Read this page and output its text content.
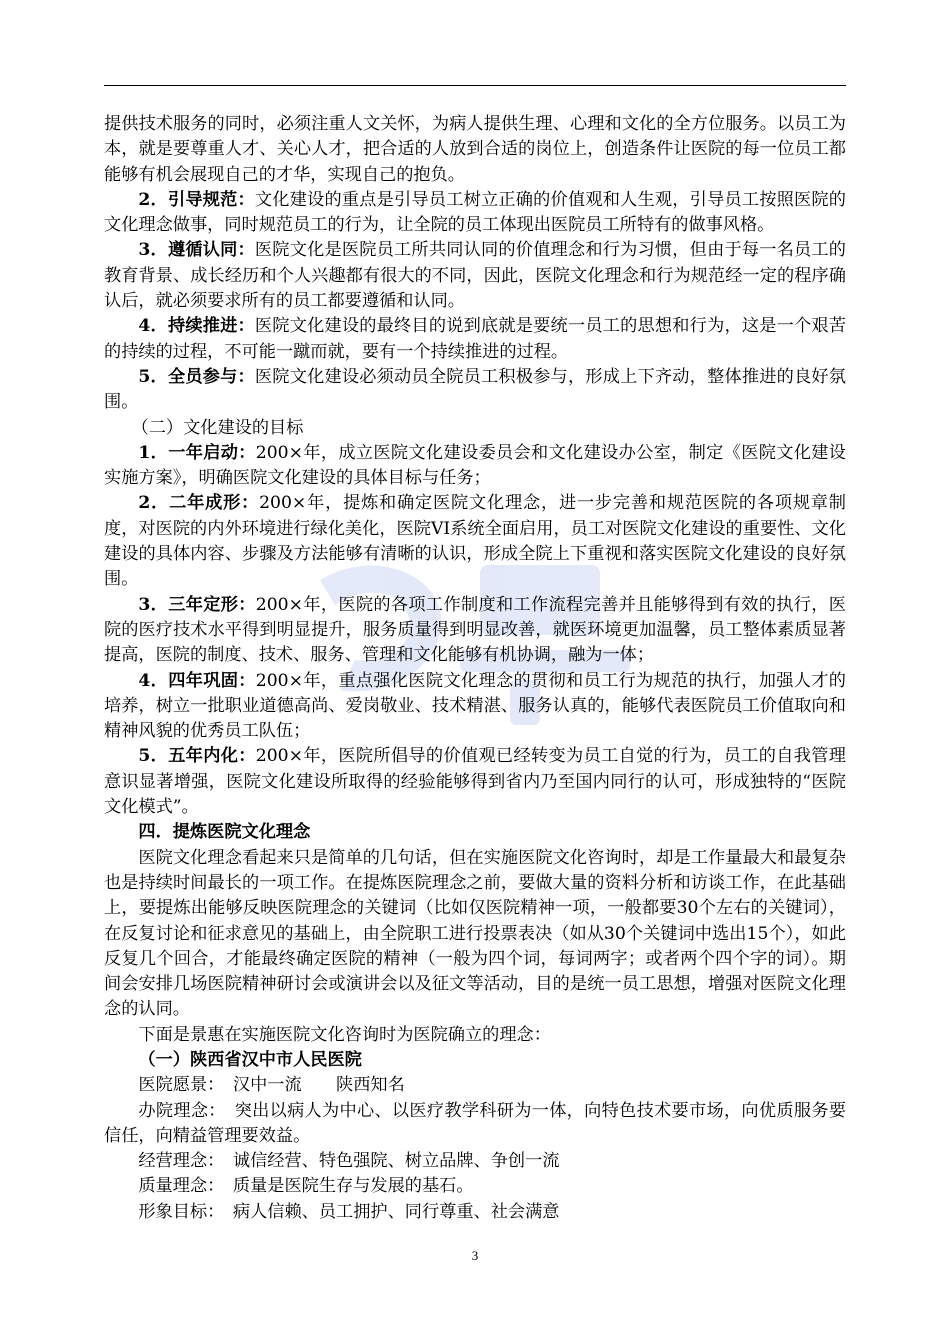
提供技术服务的同时，必须注重人文关怀，为病人提供生理、心理和文化的全方位服务。以员工为本，就是要尊重人才、关心人才，把合适的人放到合适的岗位上，创造条件让医院的每一位员工都能够有机会展现自己的才华，实现自己的抱负。

2．引导规范：文化建设的重点是引导员工树立正确的价值观和人生观，引导员工按照医院的文化理念做事，同时规范员工的行为，让全院的员工体现出医院员工所特有的做事风格。

3．遵循认同：医院文化是医院员工所共同认同的价值理念和行为习惯，但由于每一名员工的教育背景、成长经历和个人兴趣都有很大的不同，因此，医院文化理念和行为规范经一定的程序确认后，就必须要求所有的员工都要遵循和认同。

4．持续推进：医院文化建设的最终目的说到底就是要统一员工的思想和行为，这是一个艰苦的持续的过程，不可能一蹴而就，要有一个持续推进的过程。

5．全员参与：医院文化建设必须动员全院员工积极参与，形成上下齐动，整体推进的良好氛围。

（二）文化建设的目标

1．一年启动：200×年，成立医院文化建设委员会和文化建设办公室，制定《医院文化建设实施方案》，明确医院文化建设的具体目标与任务；

2．二年成形：200×年，提炼和确定医院文化理念，进一步完善和规范医院的各项规章制度，对医院的内外环境进行绿化美化，医院VI系统全面启用，员工对医院文化建设的重要性、文化建设的具体内容、步骤及方法能够有清晰的认识，形成全院上下重视和落实医院文化建设的良好氛围。

3．三年定形：200×年，医院的各项工作制度和工作流程完善并且能够得到有效的执行，医院的医疗技术水平得到明显提升，服务质量得到明显改善，就医环境更加温馨，员工整体素质显著提高，医院的制度、技术、服务、管理和文化能够有机协调，融为一体；

4．四年巩固：200×年，重点强化医院文化理念的贯彻和员工行为规范的执行，加强人才的培养，树立一批职业道德高尚、爱岗敬业、技术精湛、服务认真的，能够代表医院员工价值取向和精神风貌的优秀员工队伍；

5．五年内化：200×年，医院所倡导的价值观已经转变为员工自觉的行为，员工的自我管理意识显著增强，医院文化建设所取得的经验能够得到省内乃至国内同行的认可，形成独特的“医院文化模式”。

四．提炼医院文化理念

医院文化理念看起来只是简单的几句话，但在实施医院文化咨询时，却是工作量最大和最复杂也是持续时间最长的一项工作。在提炼医院理念之前，要做大量的资料分析和访谈工作，在此基础上，要提炼出能够反映医院理念的关键词（比如仅医院精神一项，一般都要30个左右的关键词），在反复讨论和征求意见的基础上，由全院职工进行投票表决（如从30个关键词中选出15个），如此反复几个回合，才能最终确定医院的精神（一般为四个词，每词两字；或者两个四个字的词）。期间会安排几场医院精神研讨会或演讲会以及征文等活动，目的是统一员工思想，增强对医院文化理念的认同。

下面是景惠在实施医院文化咨询时为医院确立的理念：

（一）陕西省汉中市人民医院

医院愿景：　汉中一流　　陕西知名

办院理念：　突出以病人为中心、以医疗教学科研为一体，向特色技术要市场，向优质服务要信任，向精益管理要效益。

经营理念：　诚信经营、特色强院、树立品牌、争创一流

质量理念：　质量是医院生存与发展的基石。

形象目标：　病人信赖、员工拥护、同行尊重、社会满意

3
